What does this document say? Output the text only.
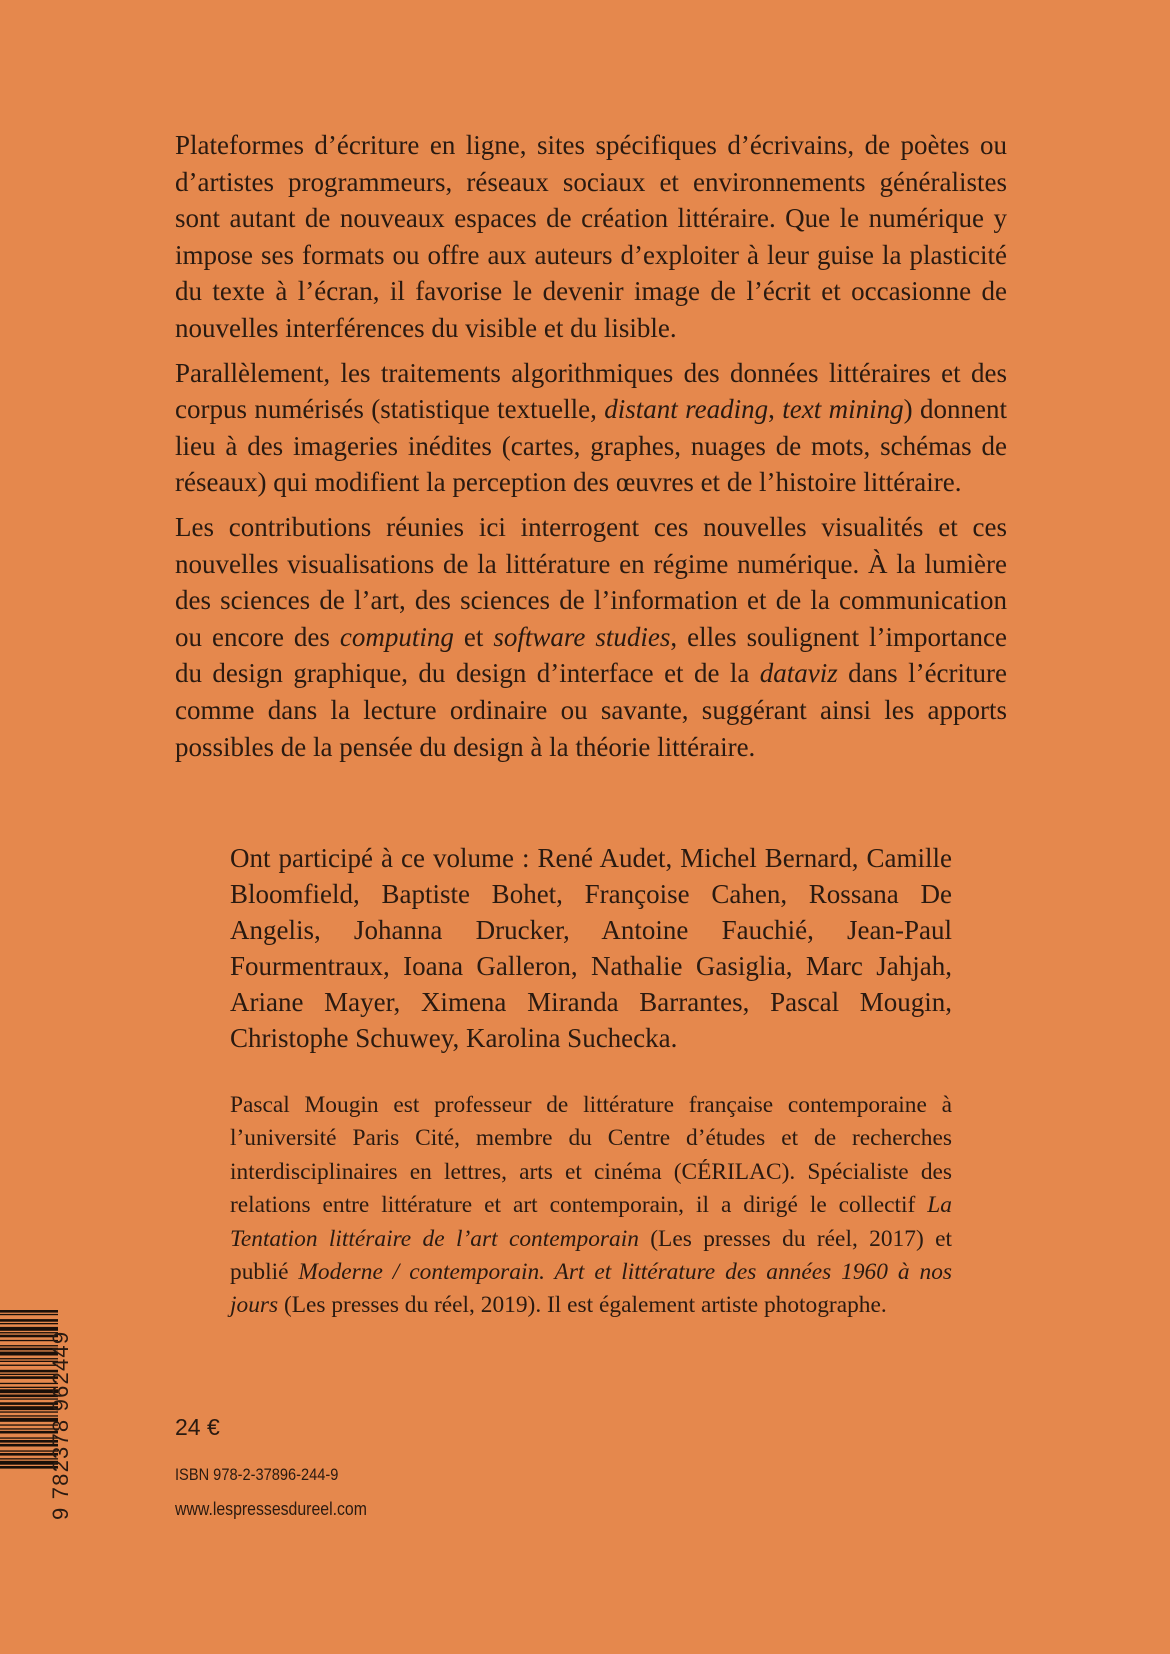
Plateformes d’écriture en ligne, sites spécifiques d’écrivains, de poètes ou d’artistes programmeurs, réseaux sociaux et environnements généralistes sont autant de nouveaux espaces de création littéraire. Que le numérique y impose ses formats ou offre aux auteurs d’exploiter à leur guise la plasticité du texte à l’écran, il favorise le devenir image de l’écrit et occasionne de nouvelles interférences du visible et du lisible.

Parallèlement, les traitements algorithmiques des données littéraires et des corpus numérisés (statistique textuelle, distant reading, text mining) donnent lieu à des imageries inédites (cartes, graphes, nuages de mots, schémas de réseaux) qui modifient la perception des œuvres et de l’histoire littéraire.

Les contributions réunies ici interrogent ces nouvelles visualités et ces nouvelles visualisations de la littérature en régime numérique. À la lumière des sciences de l’art, des sciences de l’information et de la communication ou encore des computing et software studies, elles soulignent l’importance du design graphique, du design d’interface et de la dataviz dans l’écriture comme dans la lecture ordinaire ou savante, suggérant ainsi les apports possibles de la pensée du design à la théorie littéraire.

Ont participé à ce volume : René Audet, Michel Bernard, Camille Bloomfield, Baptiste Bohet, Françoise Cahen, Rossana De Angelis, Johanna Drucker, Antoine Fauchié, Jean-Paul Fourmentraux, Ioana Galleron, Nathalie Gasiglia, Marc Jahjah, Ariane Mayer, Ximena Miranda Barrantes, Pascal Mougin, Christophe Schuwey, Karolina Suchecka.

Pascal Mougin est professeur de littérature française contemporaine à l’université Paris Cité, membre du Centre d’études et de recherches interdisciplinaires en lettres, arts et cinéma (CÉRILAC). Spécialiste des relations entre littérature et art contemporain, il a dirigé le collectif La Tentation littéraire de l’art contemporain (Les presses du réel, 2017) et publié Moderne / contemporain. Art et littérature des années 1960 à nos jours (Les presses du réel, 2019). Il est également artiste photographe.

9 782378 962449	24 €
ISBN 978-2-37896-244-9
www.lespressesdureel.com
